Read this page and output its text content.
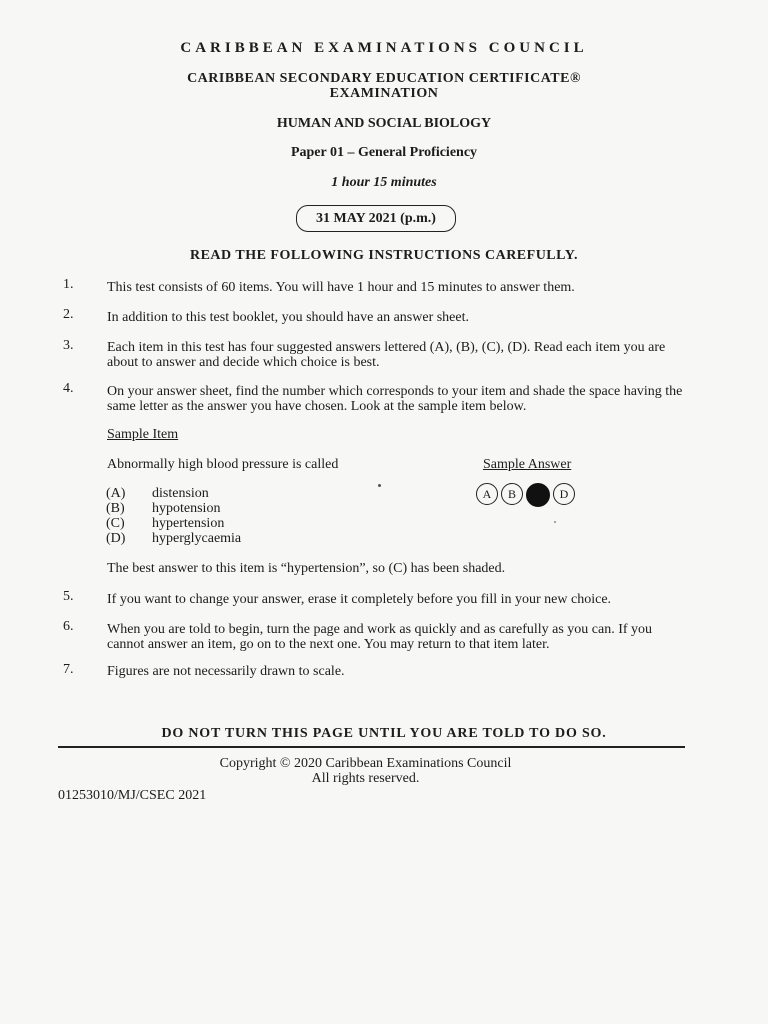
CARIBBEAN EXAMINATIONS COUNCIL
CARIBBEAN SECONDARY EDUCATION CERTIFICATE®
EXAMINATION
HUMAN AND SOCIAL BIOLOGY
Paper 01 – General Proficiency
1 hour 15 minutes
31 MAY 2021 (p.m.)
READ THE FOLLOWING INSTRUCTIONS CAREFULLY.
1. This test consists of 60 items. You will have 1 hour and 15 minutes to answer them.
2. In addition to this test booklet, you should have an answer sheet.
3. Each item in this test has four suggested answers lettered (A), (B), (C), (D). Read each item you are about to answer and decide which choice is best.
4. On your answer sheet, find the number which corresponds to your item and shade the space having the same letter as the answer you have chosen. Look at the sample item below.
Sample Item
Abnormally high blood pressure is called	Sample Answer
A	B	D
(A) distension
(B) hypotension
(C) hypertension
(D) hyperglycaemia
The best answer to this item is “hypertension”, so (C) has been shaded.
5. If you want to change your answer, erase it completely before you fill in your new choice.
6. When you are told to begin, turn the page and work as quickly and as carefully as you can. If you cannot answer an item, go on to the next one. You may return to that item later.
7. Figures are not necessarily drawn to scale.
DO NOT TURN THIS PAGE UNTIL YOU ARE TOLD TO DO SO.
Copyright © 2020 Caribbean Examinations Council
All rights reserved.
01253010/MJ/CSEC 2021
